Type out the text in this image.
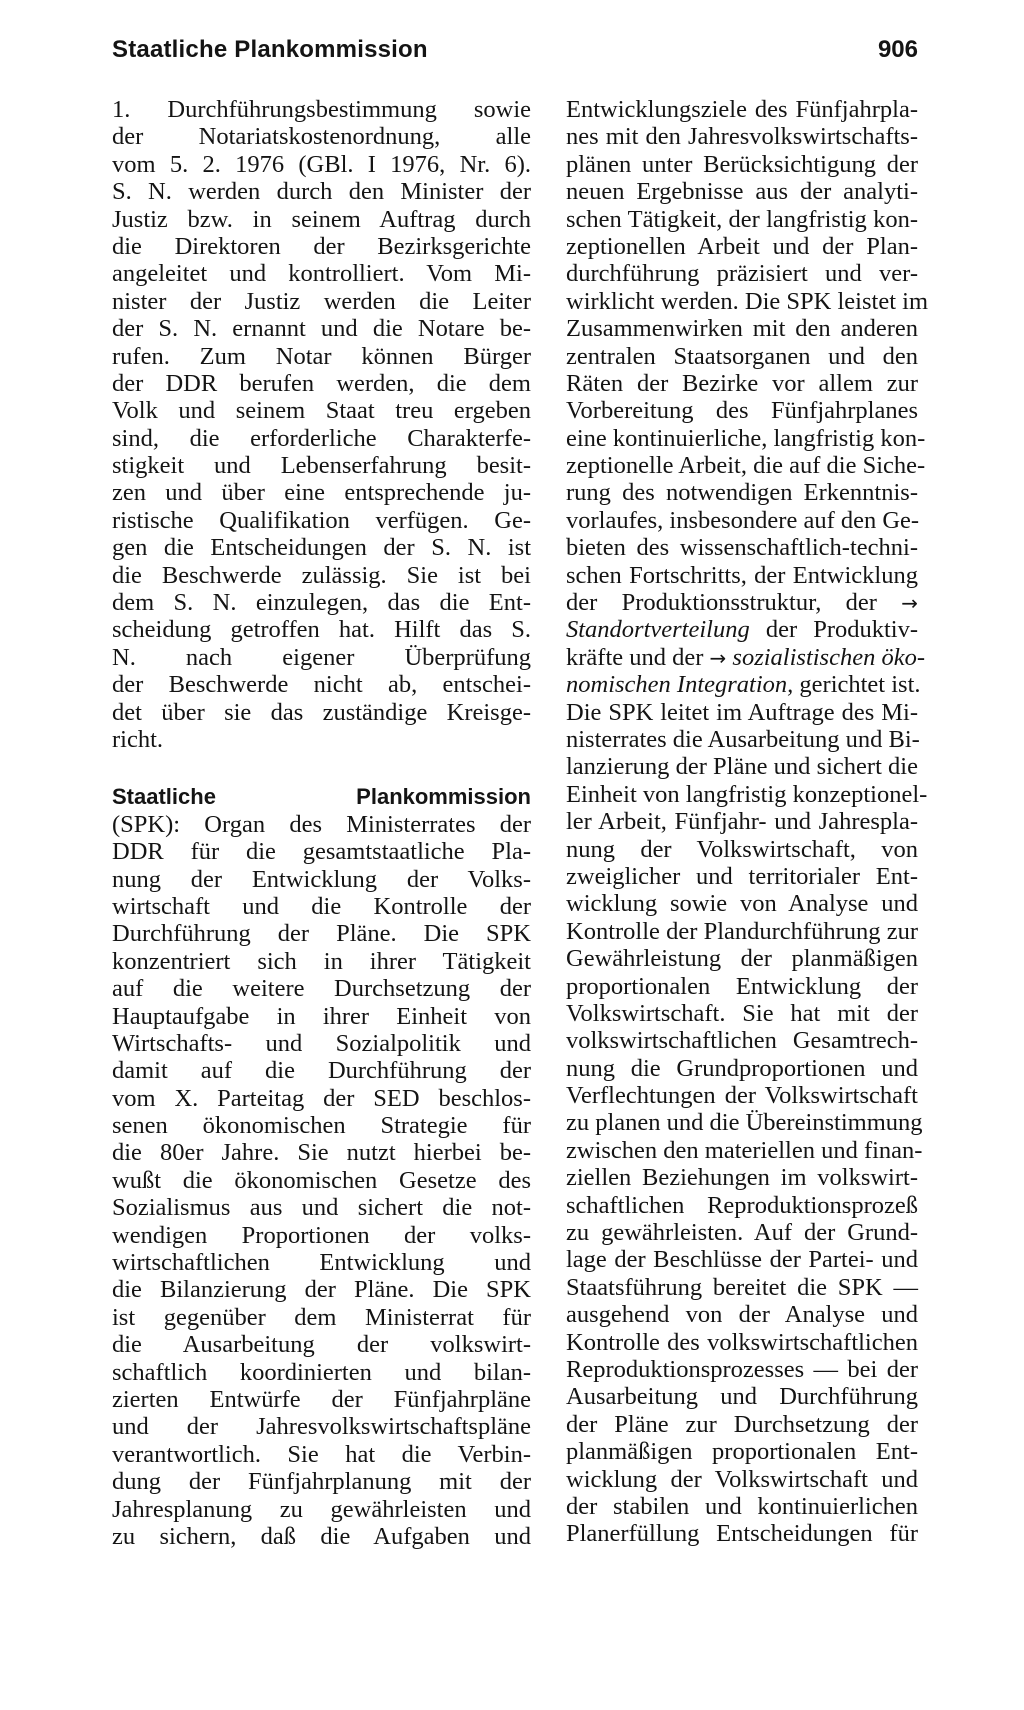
Staatliche Plankommission	906
1. Durchführungsbestimmung sowie
der Notariatskostenordnung, alle
vom 5. 2. 1976 (GBl. I 1976, Nr. 6).
S. N. werden durch den Minister der
Justiz bzw. in seinem Auftrag durch
die Direktoren der Bezirksgerichte
angeleitet und kontrolliert. Vom Mi-
nister der Justiz werden die Leiter
der S. N. ernannt und die Notare be-
rufen. Zum Notar können Bürger
der DDR berufen werden, die dem
Volk und seinem Staat treu ergeben
sind, die erforderliche Charakterfe-
stigkeit und Lebenserfahrung besit-
zen und über eine entsprechende ju-
ristische Qualifikation verfügen. Ge-
gen die Entscheidungen der S. N. ist
die Beschwerde zulässig. Sie ist bei
dem S. N. einzulegen, das die Ent-
scheidung getroffen hat. Hilft das S.
N. nach eigener Überprüfung
der Beschwerde nicht ab, entschei-
det über sie das zuständige Kreisge-
richt.
Staatliche Plankommission
(SPK): Organ des Ministerrates der
DDR für die gesamtstaatliche Pla-
nung der Entwicklung der Volks-
wirtschaft und die Kontrolle der
Durchführung der Pläne. Die SPK
konzentriert sich in ihrer Tätigkeit
auf die weitere Durchsetzung der
Hauptaufgabe in ihrer Einheit von
Wirtschafts- und Sozialpolitik und
damit auf die Durchführung der
vom X. Parteitag der SED beschlos-
senen ökonomischen Strategie für
die 80er Jahre. Sie nutzt hierbei be-
wußt die ökonomischen Gesetze des
Sozialismus aus und sichert die not-
wendigen Proportionen der volks-
wirtschaftlichen Entwicklung und
die Bilanzierung der Pläne. Die SPK
ist gegenüber dem Ministerrat für
die Ausarbeitung der volkswirt-
schaftlich koordinierten und bilan-
zierten Entwürfe der Fünfjahrpläne
und der Jahresvolkswirtschaftspläne
verantwortlich. Sie hat die Verbin-
dung der Fünfjahrplanung mit der
Jahresplanung zu gewährleisten und
zu sichern, daß die Aufgaben und
Entwicklungsziele des Fünfjahrpla-
nes mit den Jahresvolkswirtschafts-
plänen unter Berücksichtigung der
neuen Ergebnisse aus der analyti-
schen Tätigkeit, der langfristig kon-
zeptionellen Arbeit und der Plan-
durchführung präzisiert und ver-
wirklicht werden. Die SPK leistet im
Zusammenwirken mit den anderen
zentralen Staatsorganen und den
Räten der Bezirke vor allem zur
Vorbereitung des Fünfjahrplanes
eine kontinuierliche, langfristig kon-
zeptionelle Arbeit, die auf die Siche-
rung des notwendigen Erkenntnis-
vorlaufes, insbesondere auf den Ge-
bieten des wissenschaftlich-techni-
schen Fortschritts, der Entwicklung
der Produktionsstruktur, der →
Standortverteilung der Produktiv-
kräfte und der → sozialistischen öko-
nomischen Integration, gerichtet ist.
Die SPK leitet im Auftrage des Mi-
nisterrates die Ausarbeitung und Bi-
lanzierung der Pläne und sichert die
Einheit von langfristig konzeptionel-
ler Arbeit, Fünfjahr- und Jahrespla-
nung der Volkswirtschaft, von
zweiglicher und territorialer Ent-
wicklung sowie von Analyse und
Kontrolle der Plandurchführung zur
Gewährleistung der planmäßigen
proportionalen Entwicklung der
Volkswirtschaft. Sie hat mit der
volkswirtschaftlichen Gesamtrech-
nung die Grundproportionen und
Verflechtungen der Volkswirtschaft
zu planen und die Übereinstimmung
zwischen den materiellen und finan-
ziellen Beziehungen im volkswirt-
schaftlichen Reproduktionsprozeß
zu gewährleisten. Auf der Grund-
lage der Beschlüsse der Partei- und
Staatsführung bereitet die SPK —
ausgehend von der Analyse und
Kontrolle des volkswirtschaftlichen
Reproduktionsprozesses — bei der
Ausarbeitung und Durchführung
der Pläne zur Durchsetzung der
planmäßigen proportionalen Ent-
wicklung der Volkswirtschaft und
der stabilen und kontinuierlichen
Planerfüllung Entscheidungen für
